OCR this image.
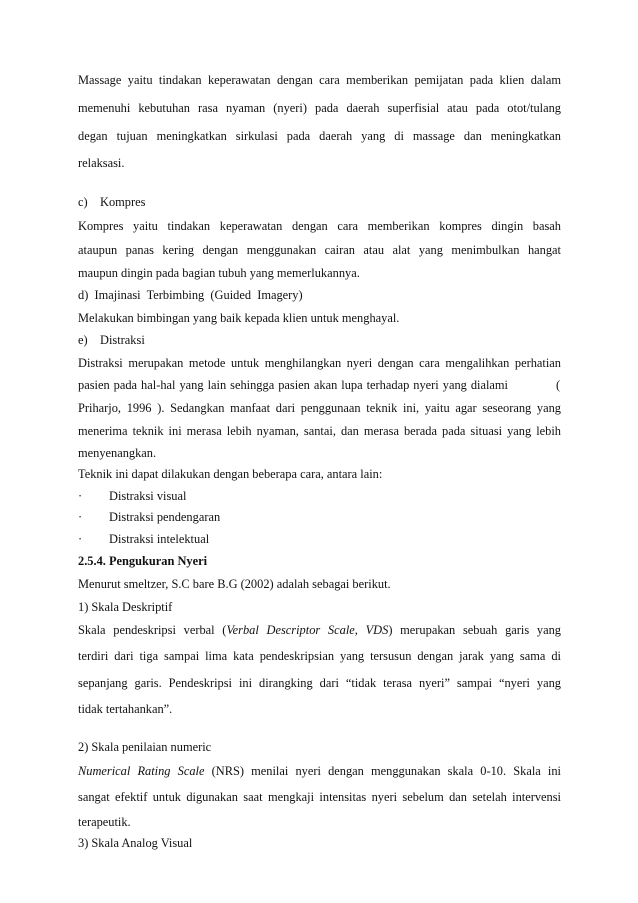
Massage yaitu tindakan keperawatan dengan cara memberikan pemijatan pada klien dalam

memenuhi kebutuhan rasa nyaman (nyeri) pada daerah superfisial atau pada otot/tulang

degan tujuan meningkatkan sirkulasi pada daerah yang di massage dan meningkatkan

relaksasi.

c)    Kompres

Kompres yaitu tindakan keperawatan dengan cara memberikan kompres dingin basah

ataupun panas kering dengan menggunakan cairan atau alat yang menimbulkan hangat

maupun dingin pada bagian tubuh yang memerlukannya.

d)  Imajinasi  Terbimbing  (Guided  Imagery)

Melakukan bimbingan yang baik kepada klien untuk menghayal.

e)    Distraksi

Distraksi merupakan metode untuk menghilangkan nyeri dengan cara mengalihkan perhatian

pasien pada hal-hal yang lain sehingga pasien akan lupa terhadap nyeri yang dialami	(

Priharjo, 1996 ). Sedangkan manfaat dari penggunaan teknik ini, yaitu agar seseorang yang

menerima teknik ini merasa lebih nyaman, santai, dan merasa berada pada situasi yang lebih

menyenangkan.

Teknik ini dapat dilakukan dengan beberapa cara, antara lain:

·	Distraksi visual
·	Distraksi pendengaran
·	Distraksi intelektual

2.5.4. Pengukuran Nyeri

Menurut smeltzer, S.C bare B.G (2002) adalah sebagai berikut.

1) Skala Deskriptif

Skala pendeskripsi verbal (Verbal Descriptor Scale, VDS) merupakan sebuah garis yang

terdiri dari tiga sampai lima kata pendeskripsian yang tersusun dengan jarak yang sama di

sepanjang garis. Pendeskripsi ini dirangking dari “tidak terasa nyeri” sampai “nyeri yang

tidak tertahankan”.

2) Skala penilaian numeric

Numerical Rating Scale (NRS) menilai nyeri dengan menggunakan skala 0-10. Skala ini

sangat efektif untuk digunakan saat mengkaji intensitas nyeri sebelum dan setelah intervensi

terapeutik.

3) Skala Analog Visual
